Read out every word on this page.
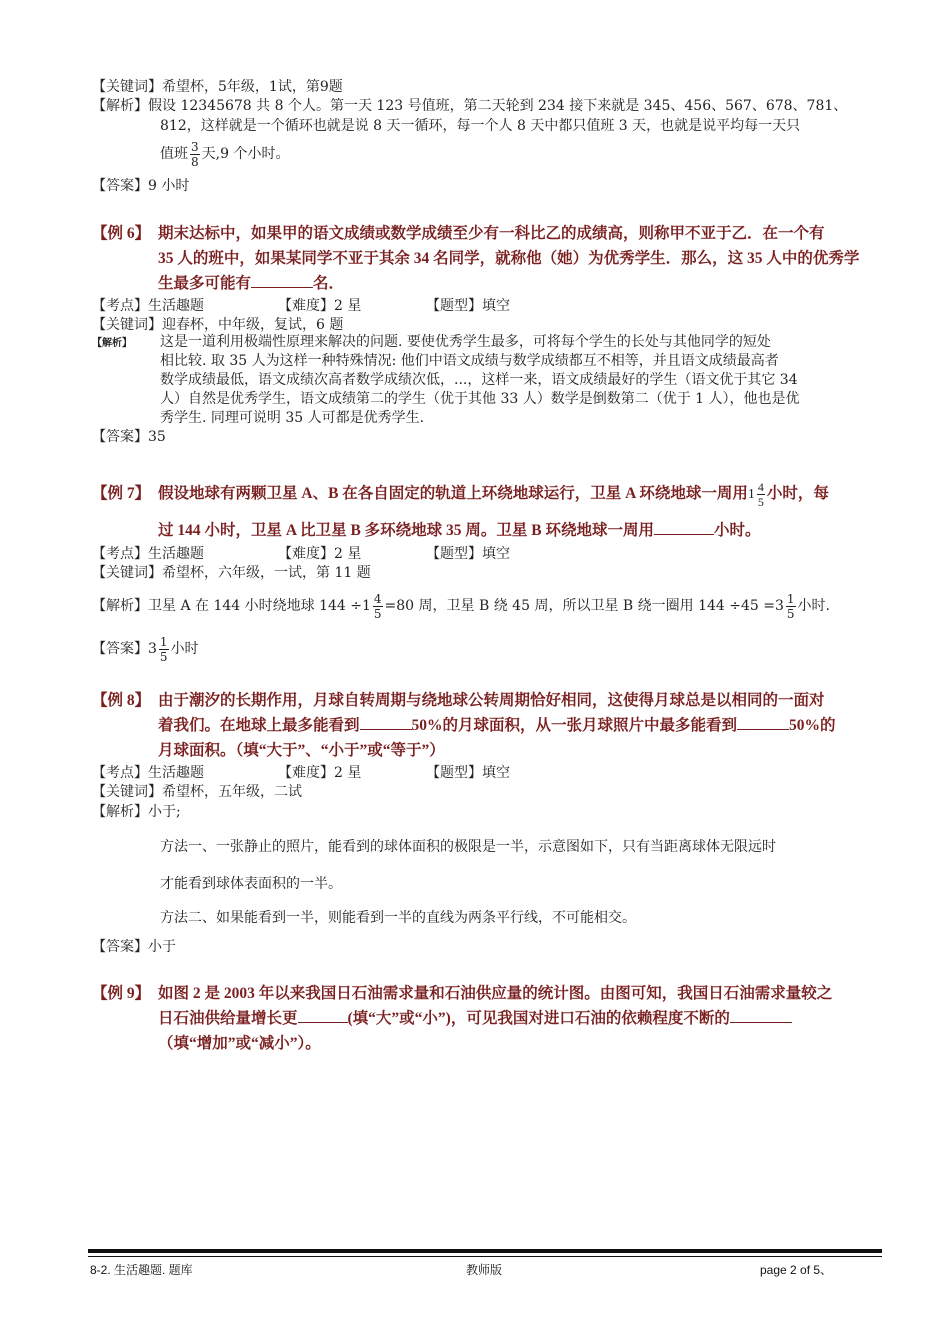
【关键词】希望杯，5年级，1试，第9题
【解析】假设 12345678 共 8 个人。第一天 123 号值班，第二天轮到 234 接下来就是 345、456、567、678、781、
812，这样就是一个循环也就是说 8 天一循环，每一个人 8 天中都只值班 3 天，也就是说平均每一天只
值班 $\frac{3}{8}$ 天,9 个小时。
【答案】9 小时
【例 6】 期末达标中，如果甲的语文成绩或数学成绩至少有一科比乙的成绩高，则称甲不亚于乙．在一个有
35 人的班中，如果某同学不亚于其余 34 名同学，就称他（她）为优秀学生．那么，这 35 人中的优秀学
生最多可能有	名．
【考点】生活趣题	【难度】2 星	【题型】填空
【关键词】迎春杯，中年级，复试，6 题
【解析】 这是一道利用极端性原理来解决的问题. 要使优秀学生最多，可将每个学生的长处与其他同学的短处
相比较. 取 35 人为这样一种特殊情况: 他们中语文成绩与数学成绩都互不相等，并且语文成绩最高者
数学成绩最低，语文成绩次高者数学成绩次低，...，这样一来，语文成绩最好的学生（语文优于其它 34
人）自然是优秀学生，语文成绩第二的学生（优于其他 33 人）数学是倒数第二（优于 1 人），他也是优
秀学生. 同理可说明 35 人可都是优秀学生.
【答案】35
【例 7】 假设地球有两颗卫星 A、B 在各自固定的轨道上环绕地球运行，卫星 A 环绕地球一周用$1 \frac{4}{5}$ 小时，每
过 144 小时，卫星 A 比卫星 B 多环绕地球 35 周。卫星 B 环绕地球一周用	小时。
【考点】生活趣题	【难度】2 星	【题型】填空
【关键词】希望杯，六年级，一试，第 11 题
【解析】卫星 A 在 144 小时绕地球 $144 \div 1 \frac{4}{5} =80$ 周，卫星 B 绕 45 周，所以卫星 B 绕一圈用 $144 \div 45 =3 \frac{1}{5}$ 小时.
【答案】$3 \frac{1}{5}$ 小时
【例 8】 由于潮汐的长期作用，月球自转周期与绕地球公转周期恰好相同，这使得月球总是以相同的一面对
着我们。在地球上最多能看到	50%的月球面积，从一张月球照片中最多能看到	50%的
月球面积。（填“大于”、“小于”或“等于”）
【考点】生活趣题	【难度】2 星	【题型】填空
【关键词】希望杯，五年级，二试
【解析】小于;
方法一、一张静止的照片，能看到的球体面积的极限是一半，示意图如下，只有当距离球体无限远时
才能看到球体表面积的一半。
方法二、如果能看到一半，则能看到一半的直线为两条平行线，不可能相交。
【答案】小于
【例 9】 如图 2 是 2003 年以来我国日石油需求量和石油供应量的统计图。由图可知，我国日石油需求量较之
日石油供给量增长更	(填“大”或“小”)，可见我国对进口石油的依赖程度不断的
（填“增加”或“减小”）。
8-2. 生活趣题. 题库	教师版	page 2 of 5、
